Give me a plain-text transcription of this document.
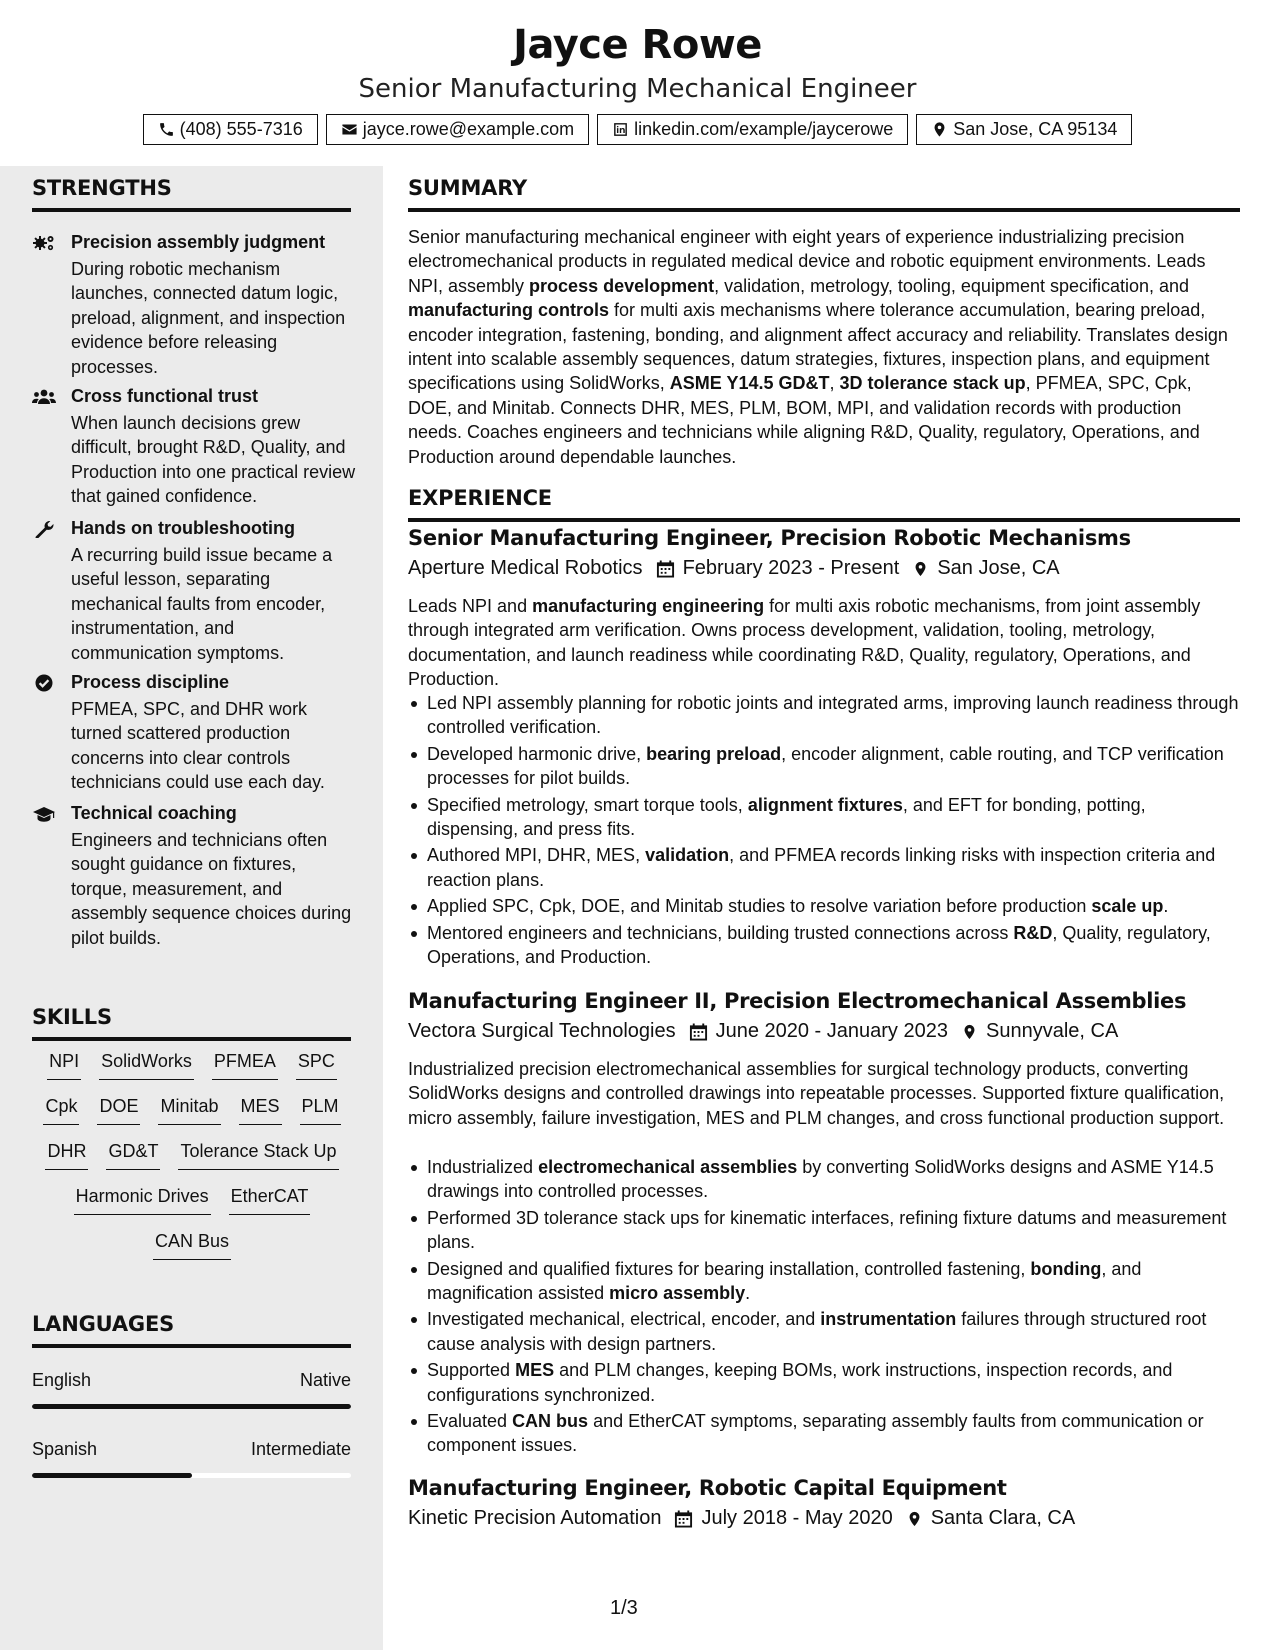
Jayce Rowe
Senior Manufacturing Mechanical Engineer
(408) 555-7316	jayce.rowe@example.com	linkedin.com/example/jaycerowe	San Jose, CA 95134
STRENGTHS
Precision assembly judgment
During robotic mechanism launches, connected datum logic, preload, alignment, and inspection evidence before releasing processes.
Cross functional trust
When launch decisions grew difficult, brought R&D, Quality, and Production into one practical review that gained confidence.
Hands on troubleshooting
A recurring build issue became a useful lesson, separating mechanical faults from encoder, instrumentation, and communication symptoms.
Process discipline
PFMEA, SPC, and DHR work turned scattered production concerns into clear controls technicians could use each day.
Technical coaching
Engineers and technicians often sought guidance on fixtures, torque, measurement, and assembly sequence choices during pilot builds.
SKILLS
NPI SolidWorks PFMEA SPC
Cpk DOE Minitab MES PLM
DHR GD&T Tolerance Stack Up
Harmonic Drives EtherCAT
CAN Bus
LANGUAGES
English	Native
Spanish	Intermediate
SUMMARY
Senior manufacturing mechanical engineer with eight years of experience industrializing precision electromechanical products in regulated medical device and robotic equipment environments. Leads NPI, assembly process development, validation, metrology, tooling, equipment specification, and manufacturing controls for multi axis mechanisms where tolerance accumulation, bearing preload, encoder integration, fastening, bonding, and alignment affect accuracy and reliability. Translates design intent into scalable assembly sequences, datum strategies, fixtures, inspection plans, and equipment specifications using SolidWorks, ASME Y14.5 GD&T, 3D tolerance stack up, PFMEA, SPC, Cpk, DOE, and Minitab. Connects DHR, MES, PLM, BOM, MPI, and validation records with production needs. Coaches engineers and technicians while aligning R&D, Quality, regulatory, Operations, and Production around dependable launches.
EXPERIENCE
Senior Manufacturing Engineer, Precision Robotic Mechanisms
Aperture Medical Robotics February 2023 - Present San Jose, CA
Leads NPI and manufacturing engineering for multi axis robotic mechanisms, from joint assembly through integrated arm verification. Owns process development, validation, tooling, metrology, documentation, and launch readiness while coordinating R&D, Quality, regulatory, Operations, and Production.
Led NPI assembly planning for robotic joints and integrated arms, improving launch readiness through controlled verification.
Developed harmonic drive, bearing preload, encoder alignment, cable routing, and TCP verification processes for pilot builds.
Specified metrology, smart torque tools, alignment fixtures, and EFT for bonding, potting, dispensing, and press fits.
Authored MPI, DHR, MES, validation, and PFMEA records linking risks with inspection criteria and reaction plans.
Applied SPC, Cpk, DOE, and Minitab studies to resolve variation before production scale up.
Mentored engineers and technicians, building trusted connections across R&D, Quality, regulatory, Operations, and Production.
Manufacturing Engineer II, Precision Electromechanical Assemblies
Vectora Surgical Technologies June 2020 - January 2023 Sunnyvale, CA
Industrialized precision electromechanical assemblies for surgical technology products, converting SolidWorks designs and controlled drawings into repeatable processes. Supported fixture qualification, micro assembly, failure investigation, MES and PLM changes, and cross functional production support.
Industrialized electromechanical assemblies by converting SolidWorks designs and ASME Y14.5 drawings into controlled processes.
Performed 3D tolerance stack ups for kinematic interfaces, refining fixture datums and measurement plans.
Designed and qualified fixtures for bearing installation, controlled fastening, bonding, and magnification assisted micro assembly.
Investigated mechanical, electrical, encoder, and instrumentation failures through structured root cause analysis with design partners.
Supported MES and PLM changes, keeping BOMs, work instructions, inspection records, and configurations synchronized.
Evaluated CAN bus and EtherCAT symptoms, separating assembly faults from communication or component issues.
Manufacturing Engineer, Robotic Capital Equipment
Kinetic Precision Automation July 2018 - May 2020 Santa Clara, CA
1/3
